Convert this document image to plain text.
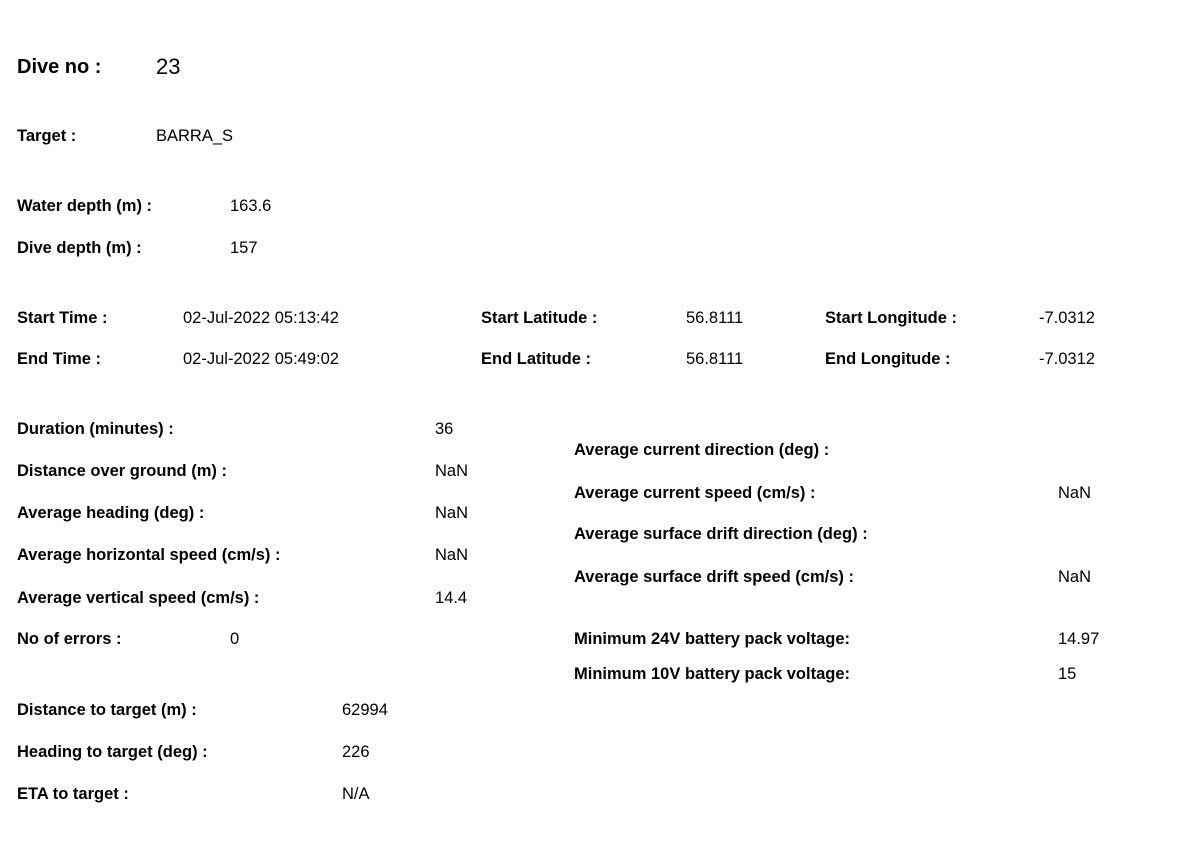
Dive no : 23
Target :	BARRA_S
Water depth (m) :	163.6
Dive depth (m) :	157
Start Time :	02-Jul-2022 05:13:42	Start Latitude :	56.8111	Start Longitude :	-7.0312
End Time :	02-Jul-2022 05:49:02	End Latitude :	56.8111	End Longitude :	-7.0312
Duration (minutes) :	36
Distance over ground (m) :	NaN
Average heading (deg) :	NaN
Average horizontal speed (cm/s) :	NaN
Average vertical speed (cm/s) :	14.4
No of errors :	0
Average current direction (deg) :
Average current speed (cm/s) :	NaN
Average surface drift direction (deg) :
Average surface drift speed (cm/s) :	NaN
Minimum 24V battery pack voltage:	14.97
Minimum 10V battery pack voltage:	15
Distance to target (m) :	62994
Heading to target (deg) :	226
ETA to target :	N/A
